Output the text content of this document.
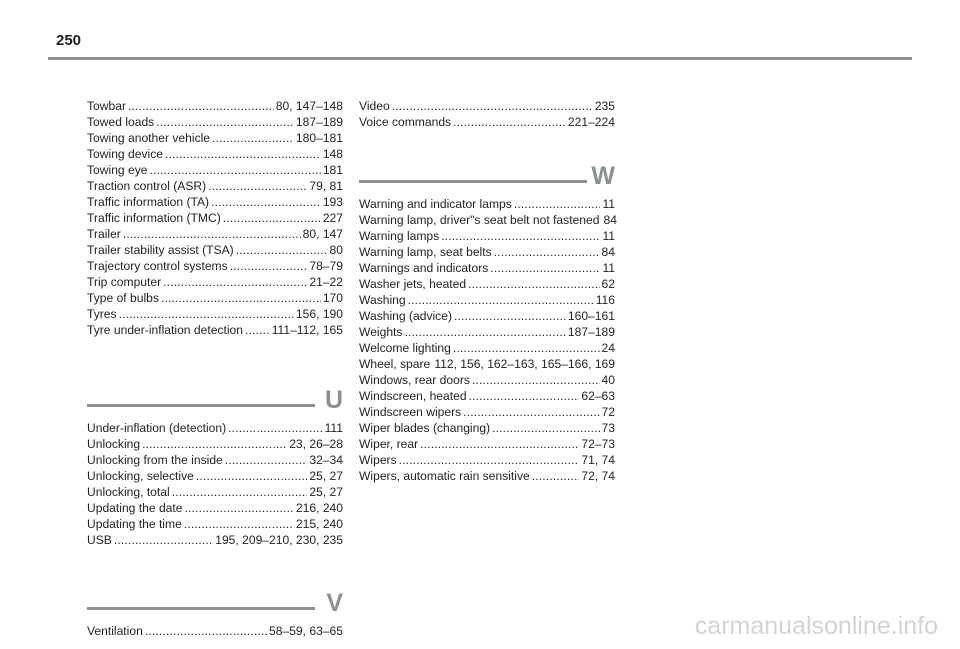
250
Towbar . . .	80, 147–148
Towed loads . . .	187–189
Towing another vehicle . . .	180–181
Towing device . . .	148
Towing eye . . .	181
Traction control (ASR) . . .	79, 81
Traffic information (TA) . . .	193
Traffic information (TMC) . . .	227
Trailer . . .	80, 147
Trailer stability assist (TSA) . . .	80
Trajectory control systems . . .	78–79
Trip computer . . .	21–22
Type of bulbs . . .	170
Tyres . . .	156, 190
Tyre under-inflation detection . . . 111–112, 165
U
Under-inflation (detection) . . .	111
Unlocking . . .	23, 26–28
Unlocking from the inside . . .	32–34
Unlocking, selective . . .	25, 27
Unlocking, total . . .	25, 27
Updating the date . . .	216, 240
Updating the time . . .	215, 240
USB . . .	195, 209–210, 230, 235
V
Ventilation . . .	58–59, 63–65
Video . . .	235
Voice commands . . .	221–224
W
Warning and indicator lamps . . .	11
Warning lamp, driver"s seat belt not fastened 84
Warning lamps . . .	11
Warning lamp, seat belts . . .	84
Warnings and indicators . . .	11
Washer jets, heated . . .	62
Washing . . .	116
Washing (advice) . . .	160–161
Weights . . .	187–189
Welcome lighting . . .	24
Wheel, spare . . . 112, 156, 162–163, 165–166, 169
Windows, rear doors . . .	40
Windscreen, heated . . .	62–63
Windscreen wipers . . .	72
Wiper blades (changing) . . .	73
Wiper, rear . . .	72–73
Wipers . . .	71, 74
Wipers, automatic rain sensitive . . .	72, 74
carmanualsonline.info
